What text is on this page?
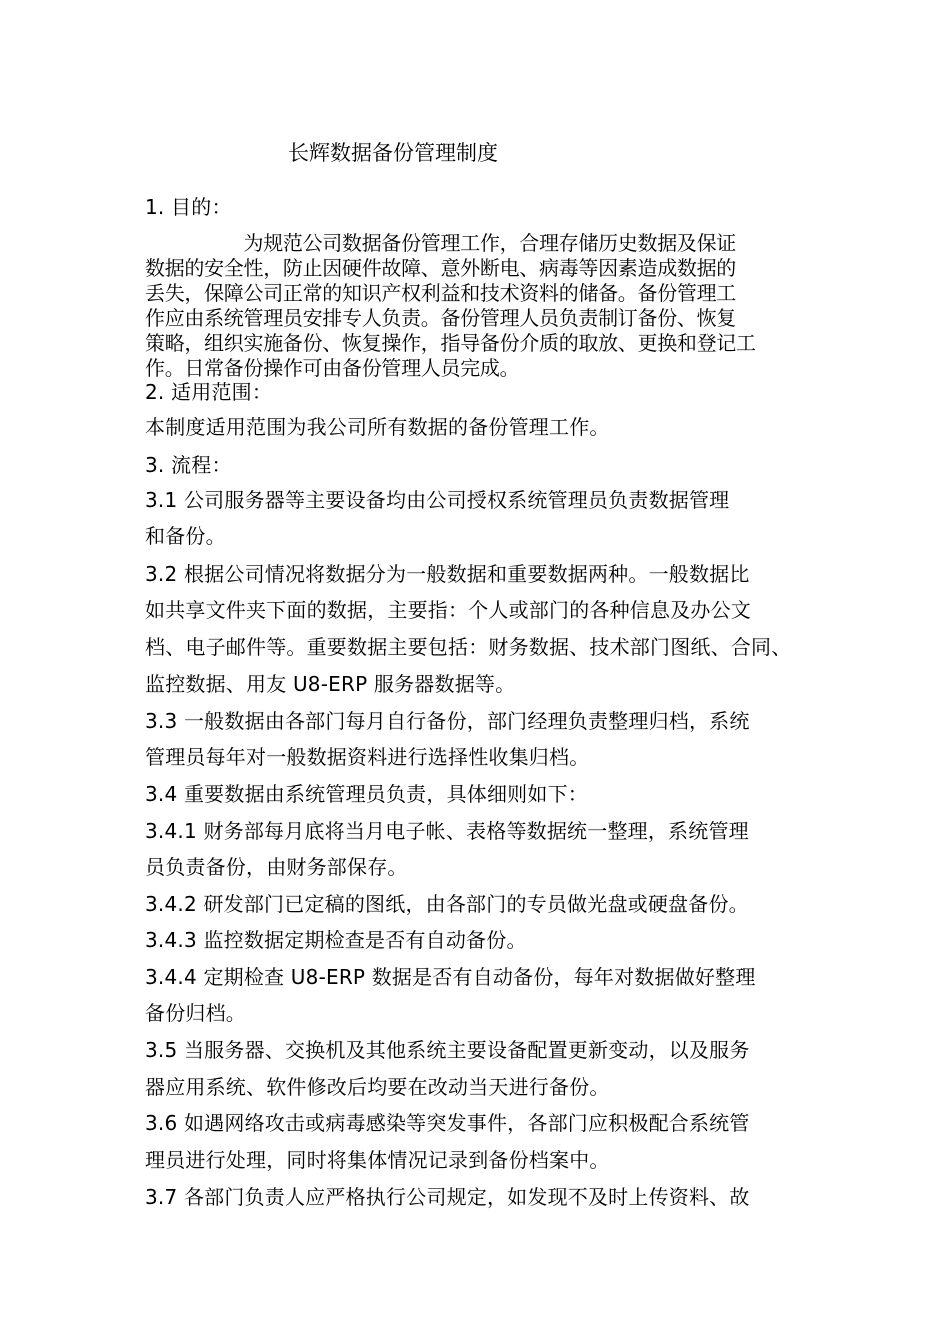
长辉数据备份管理制度
1. 目的：
　　　　　为规范公司数据备份管理工作，合理存储历史数据及保证
数据的安全性，防止因硬件故障、意外断电、病毒等因素造成数据的
丢失，保障公司正常的知识产权利益和技术资料的储备。备份管理工
作应由系统管理员安排专人负责。备份管理人员负责制订备份、恢复
策略，组织实施备份、恢复操作，指导备份介质的取放、更换和登记工
作。日常备份操作可由备份管理人员完成。
2. 适用范围：
本制度适用范围为我公司所有数据的备份管理工作。
3. 流程：
3.1 公司服务器等主要设备均由公司授权系统管理员负责数据管理
和备份。
3.2 根据公司情况将数据分为一般数据和重要数据两种。一般数据比
如共享文件夹下面的数据，主要指：个人或部门的各种信息及办公文
档、电子邮件等。重要数据主要包括：财务数据、技术部门图纸、合同、
监控数据、用友 U8-ERP 服务器数据等。
3.3 一般数据由各部门每月自行备份，部门经理负责整理归档，系统
管理员每年对一般数据资料进行选择性收集归档。
3.4 重要数据由系统管理员负责，具体细则如下：
3.4.1 财务部每月底将当月电子帐、表格等数据统一整理，系统管理
员负责备份，由财务部保存。
3.4.2 研发部门已定稿的图纸，由各部门的专员做光盘或硬盘备份。
3.4.3 监控数据定期检查是否有自动备份。
3.4.4 定期检查 U8-ERP 数据是否有自动备份，每年对数据做好整理
备份归档。
3.5 当服务器、交换机及其他系统主要设备配置更新变动，以及服务
器应用系统、软件修改后均要在改动当天进行备份。
3.6 如遇网络攻击或病毒感染等突发事件，各部门应积极配合系统管
理员进行处理，同时将集体情况记录到备份档案中。
3.7 各部门负责人应严格执行公司规定，如发现不及时上传资料、故
